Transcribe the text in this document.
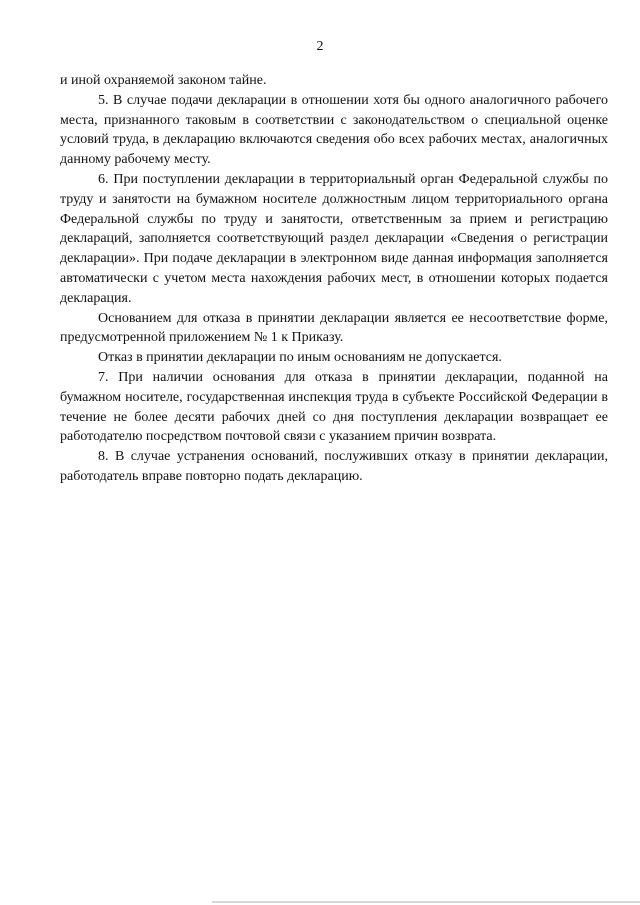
2

и иной охраняемой законом тайне.

5. В случае подачи декларации в отношении хотя бы одного аналогичного рабочего места, признанного таковым в соответствии с законодательством о специальной оценке условий труда, в декларацию включаются сведения обо всех рабочих местах, аналогичных данному рабочему месту.

6. При поступлении декларации в территориальный орган Федеральной службы по труду и занятости на бумажном носителе должностным лицом территориального органа Федеральной службы по труду и занятости, ответственным за прием и регистрацию деклараций, заполняется соответствующий раздел декларации «Сведения о регистрации декларации». При подаче декларации в электронном виде данная информация заполняется автоматически с учетом места нахождения рабочих мест, в отношении которых подается декларация.

Основанием для отказа в принятии декларации является ее несоответствие форме, предусмотренной приложением № 1 к Приказу.

Отказ в принятии декларации по иным основаниям не допускается.

7. При наличии основания для отказа в принятии декларации, поданной на бумажном носителе, государственная инспекция труда в субъекте Российской Федерации в течение не более десяти рабочих дней со дня поступления декларации возвращает ее работодателю посредством почтовой связи с указанием причин возврата.

8. В случае устранения оснований, послуживших отказу в принятии декларации, работодатель вправе повторно подать декларацию.
